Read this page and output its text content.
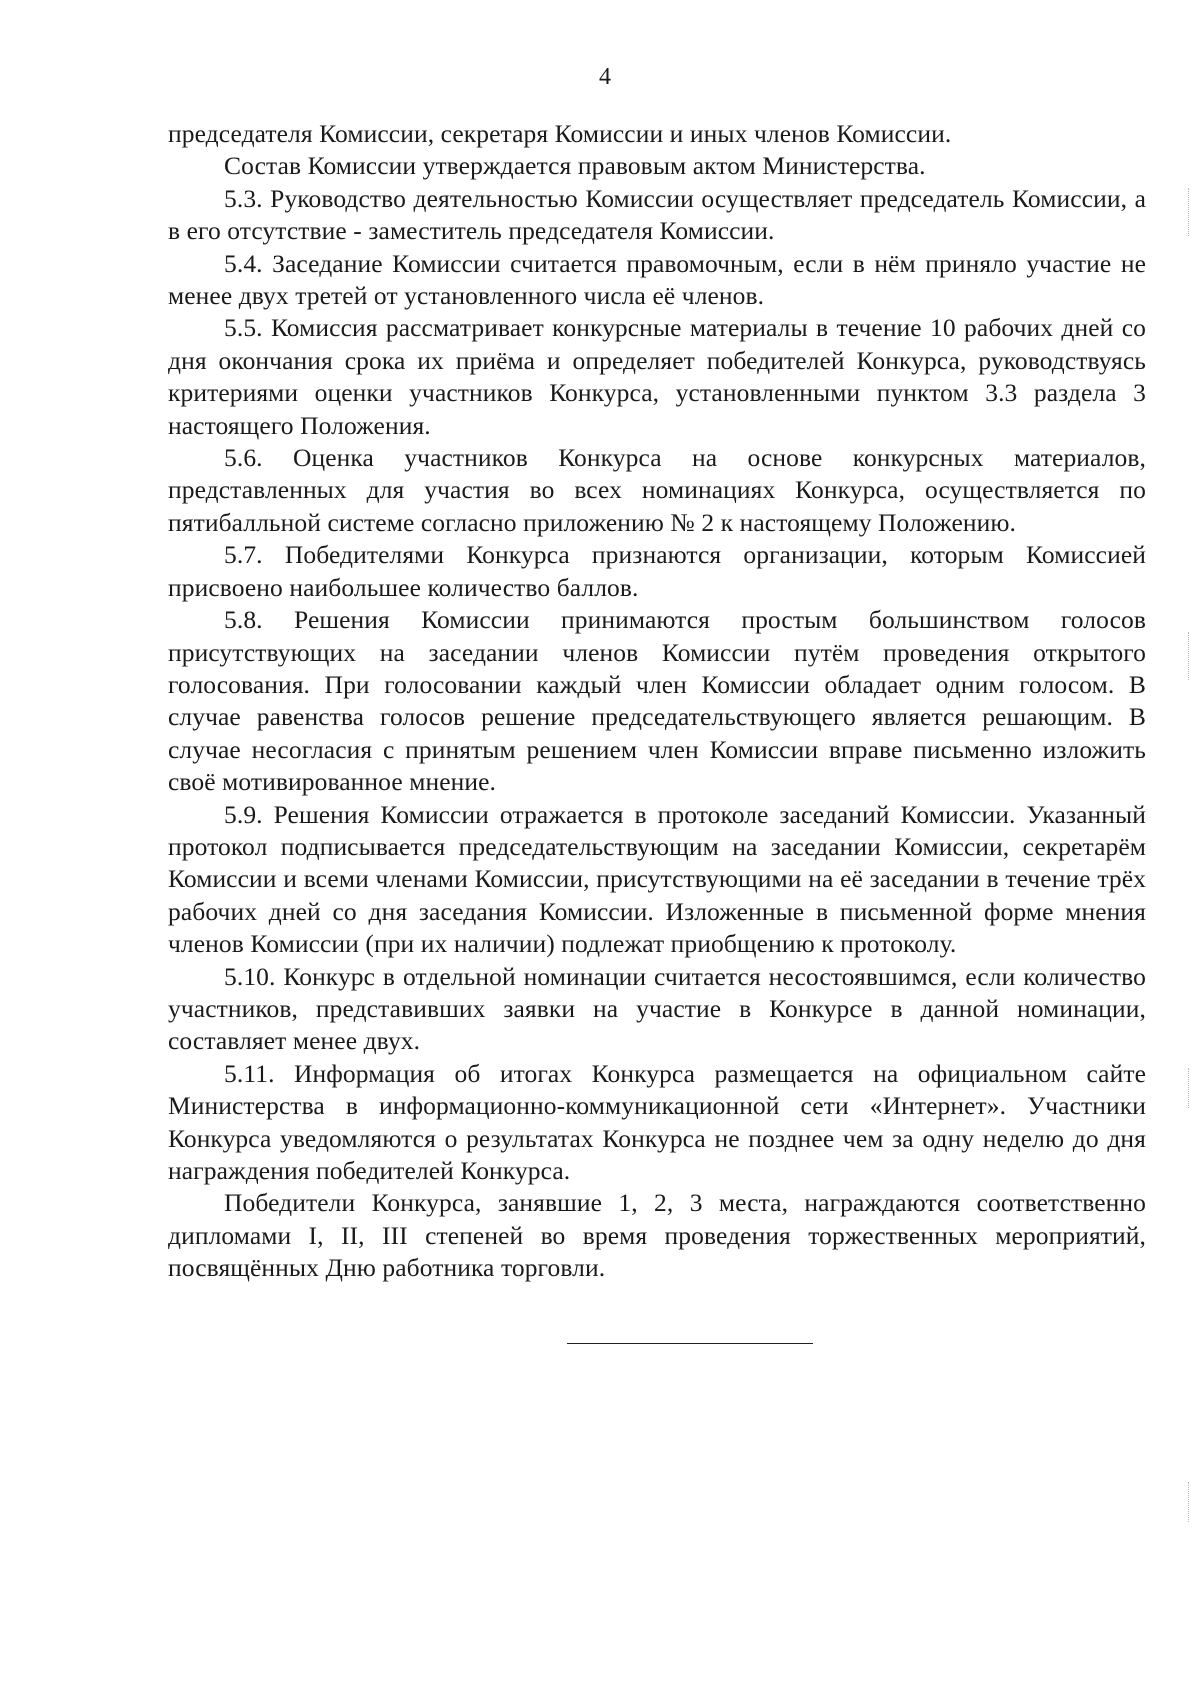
4

председателя Комиссии, секретаря Комиссии и иных членов Комиссии.

Состав Комиссии утверждается правовым актом Министерства.

5.3. Руководство деятельностью Комиссии осуществляет председатель Комиссии, а в его отсутствие - заместитель председателя Комиссии.

5.4. Заседание Комиссии считается правомочным, если в нём приняло участие не менее двух третей от установленного числа её членов.

5.5. Комиссия рассматривает конкурсные материалы в течение 10 рабочих дней со дня окончания срока их приёма и определяет победителей Конкурса, руководствуясь критериями оценки участников Конкурса, установленными пунктом 3.3 раздела 3 настоящего Положения.

5.6. Оценка участников Конкурса на основе конкурсных материалов, представленных для участия во всех номинациях Конкурса, осуществляется по пятибалльной системе согласно приложению № 2 к настоящему Положению.

5.7. Победителями Конкурса признаются организации, которым Комиссией присвоено наибольшее количество баллов.

5.8. Решения Комиссии принимаются простым большинством голосов присутствующих на заседании членов Комиссии путём проведения открытого голосования. При голосовании каждый член Комиссии обладает одним голосом. В случае равенства голосов решение председательствующего является решающим. В случае несогласия с принятым решением член Комиссии вправе письменно изложить своё мотивированное мнение.

5.9. Решения Комиссии отражается в протоколе заседаний Комиссии. Указанный протокол подписывается председательствующим на заседании Комиссии, секретарём Комиссии и всеми членами Комиссии, присутствующими на её заседании в течение трёх рабочих дней со дня заседания Комиссии. Изложенные в письменной форме мнения членов Комиссии (при их наличии) подлежат приобщению к протоколу.

5.10. Конкурс в отдельной номинации считается несостоявшимся, если количество участников, представивших заявки на участие в Конкурсе в данной номинации, составляет менее двух.

5.11. Информация об итогах Конкурса размещается на официальном сайте Министерства в информационно-коммуникационной сети «Интернет». Участники Конкурса уведомляются о результатах Конкурса не позднее чем за одну неделю до дня награждения победителей Конкурса.

Победители Конкурса, занявшие 1, 2, 3 места, награждаются соответственно дипломами I, II, III степеней во время проведения торжественных мероприятий, посвящённых Дню работника торговли.
